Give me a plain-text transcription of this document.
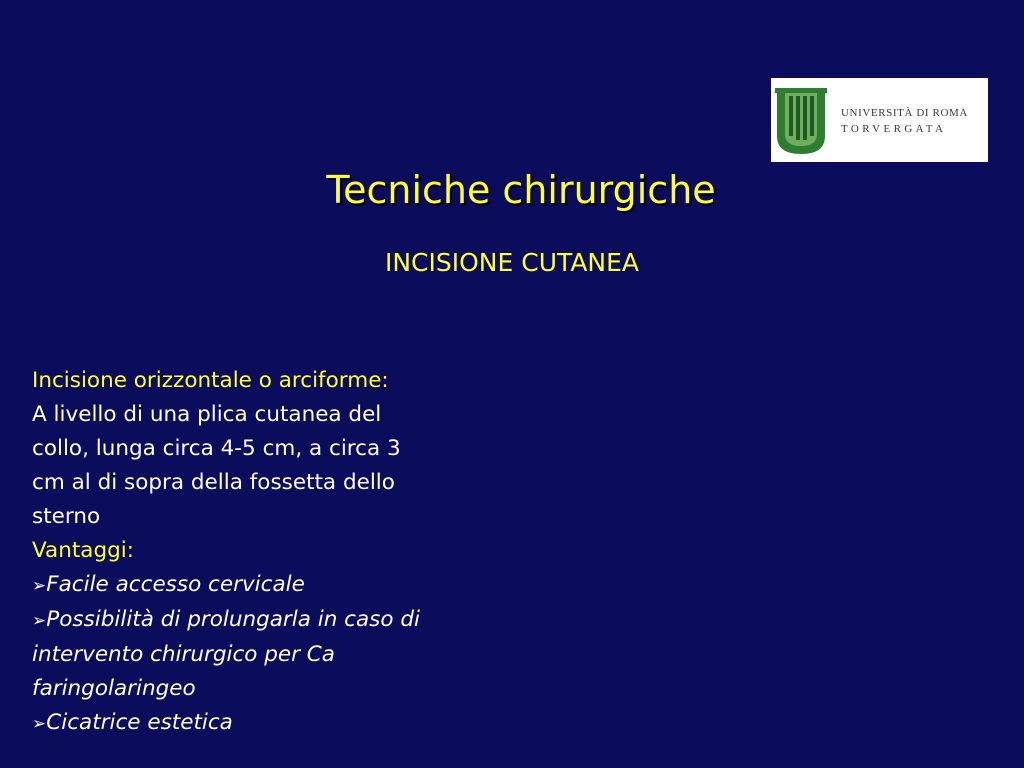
UNIVERSITÀ DI ROMA
TORVERGATA
Tecniche chirurgiche
INCISIONE CUTANEA
Incisione orizzontale o arciforme:
A livello di una plica cutanea del
collo, lunga circa 4-5 cm, a circa 3
cm al di sopra della fossetta dello
sterno
Vantaggi:
➢Facile accesso cervicale
➢Possibilità di prolungarla in caso di
intervento chirurgico per Ca
faringolaringeo
➢Cicatrice estetica
